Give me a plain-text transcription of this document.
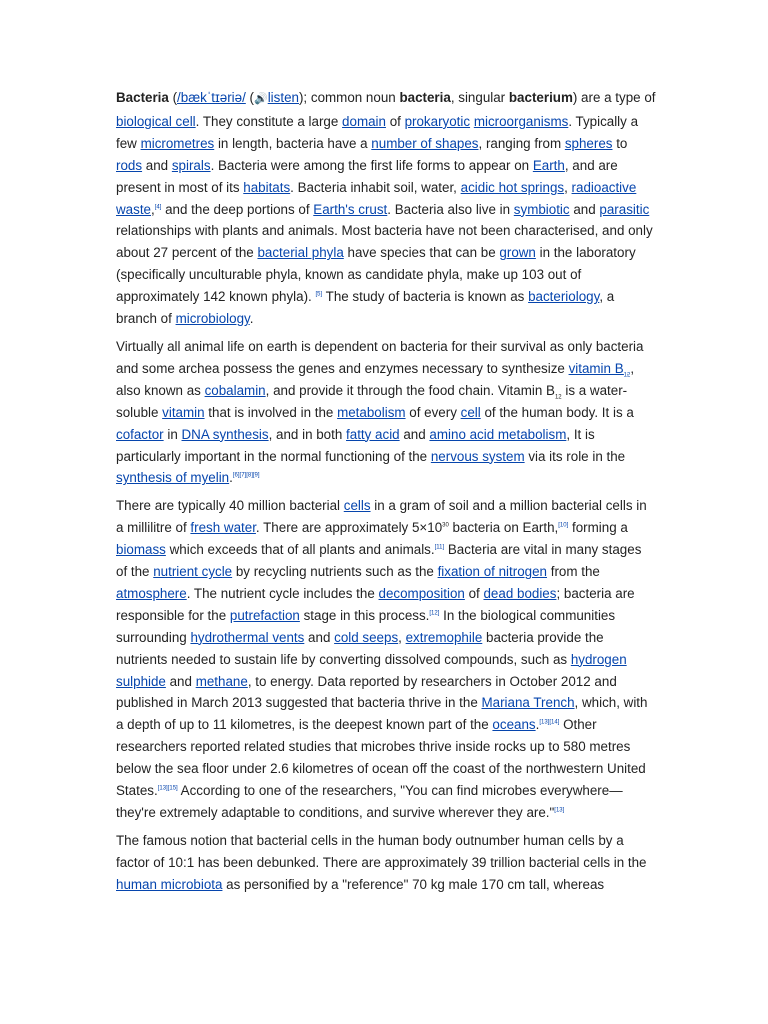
Bacteria (/bækˈtɪəriə/ (🔊listen); common noun bacteria, singular bacterium) are a type of biological cell. They constitute a large domain of prokaryotic microorganisms. Typically a few micrometres in length, bacteria have a number of shapes, ranging from spheres to rods and spirals. Bacteria were among the first life forms to appear on Earth, and are present in most of its habitats. Bacteria inhabit soil, water, acidic hot springs, radioactive waste,[4] and the deep portions of Earth's crust. Bacteria also live in symbiotic and parasitic relationships with plants and animals. Most bacteria have not been characterised, and only about 27 percent of the bacterial phyla have species that can be grown in the laboratory (specifically unculturable phyla, known as candidate phyla, make up 103 out of approximately 142 known phyla). [5] The study of bacteria is known as bacteriology, a branch of microbiology.

Virtually all animal life on earth is dependent on bacteria for their survival as only bacteria and some archea possess the genes and enzymes necessary to synthesize vitamin $B_{12}$, also known as cobalamin, and provide it through the food chain. Vitamin $B_{12}$ is a water-soluble vitamin that is involved in the metabolism of every cell of the human body. It is a cofactor in DNA synthesis, and in both fatty acid and amino acid metabolism, It is particularly important in the normal functioning of the nervous system via its role in the synthesis of myelin.[6][7][8][9]

There are typically 40 million bacterial cells in a gram of soil and a million bacterial cells in a millilitre of fresh water. There are approximately $5\times 10^{30}$ bacteria on Earth,[10] forming a biomass which exceeds that of all plants and animals.[11] Bacteria are vital in many stages of the nutrient cycle by recycling nutrients such as the fixation of nitrogen from the atmosphere. The nutrient cycle includes the decomposition of dead bodies; bacteria are responsible for the putrefaction stage in this process.[12] In the biological communities surrounding hydrothermal vents and cold seeps, extremophile bacteria provide the nutrients needed to sustain life by converting dissolved compounds, such as hydrogen sulphide and methane, to energy. Data reported by researchers in October 2012 and published in March 2013 suggested that bacteria thrive in the Mariana Trench, which, with a depth of up to 11 kilometres, is the deepest known part of the oceans.[13][14] Other researchers reported related studies that microbes thrive inside rocks up to 580 metres below the sea floor under 2.6 kilometres of ocean off the coast of the northwestern United States.[13][15] According to one of the researchers, "You can find microbes everywhere—they're extremely adaptable to conditions, and survive wherever they are."[13]

The famous notion that bacterial cells in the human body outnumber human cells by a factor of 10:1 has been debunked. There are approximately 39 trillion bacterial cells in the human microbiota as personified by a "reference" 70 kg male 170 cm tall, whereas
